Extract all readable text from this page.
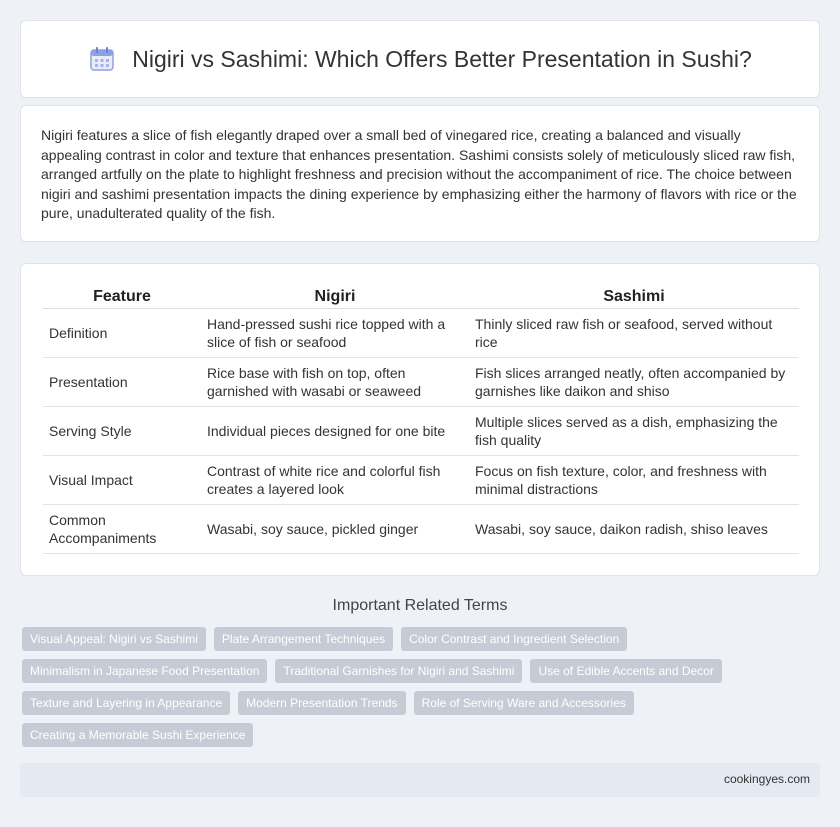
Nigiri vs Sashimi: Which Offers Better Presentation in Sushi?

Nigiri features a slice of fish elegantly draped over a small bed of vinegared rice, creating a balanced and visually appealing contrast in color and texture that enhances presentation. Sashimi consists solely of meticulously sliced raw fish, arranged artfully on the plate to highlight freshness and precision without the accompaniment of rice. The choice between nigiri and sashimi presentation impacts the dining experience by emphasizing either the harmony of flavors with rice or the pure, unadulterated quality of the fish.

Feature	Nigiri	Sashimi
Definition	Hand-pressed sushi rice topped with a slice of fish or seafood	Thinly sliced raw fish or seafood, served without rice
Presentation	Rice base with fish on top, often garnished with wasabi or seaweed	Fish slices arranged neatly, often accompanied by garnishes like daikon and shiso
Serving Style	Individual pieces designed for one bite	Multiple slices served as a dish, emphasizing the fish quality
Visual Impact	Contrast of white rice and colorful fish creates a layered look	Focus on fish texture, color, and freshness with minimal distractions
Common Accompaniments	Wasabi, soy sauce, pickled ginger	Wasabi, soy sauce, daikon radish, shiso leaves
Important Related Terms
Visual Appeal: Nigiri vs Sashimi	Plate Arrangement Techniques	Color Contrast and Ingredient Selection
Minimalism in Japanese Food Presentation	Traditional Garnishes for Nigiri and Sashimi	Use of Edible Accents and Decor
Texture and Layering in Appearance	Modern Presentation Trends	Role of Serving Ware and Accessories
Creating a Memorable Sushi Experience
cookingyes.com
